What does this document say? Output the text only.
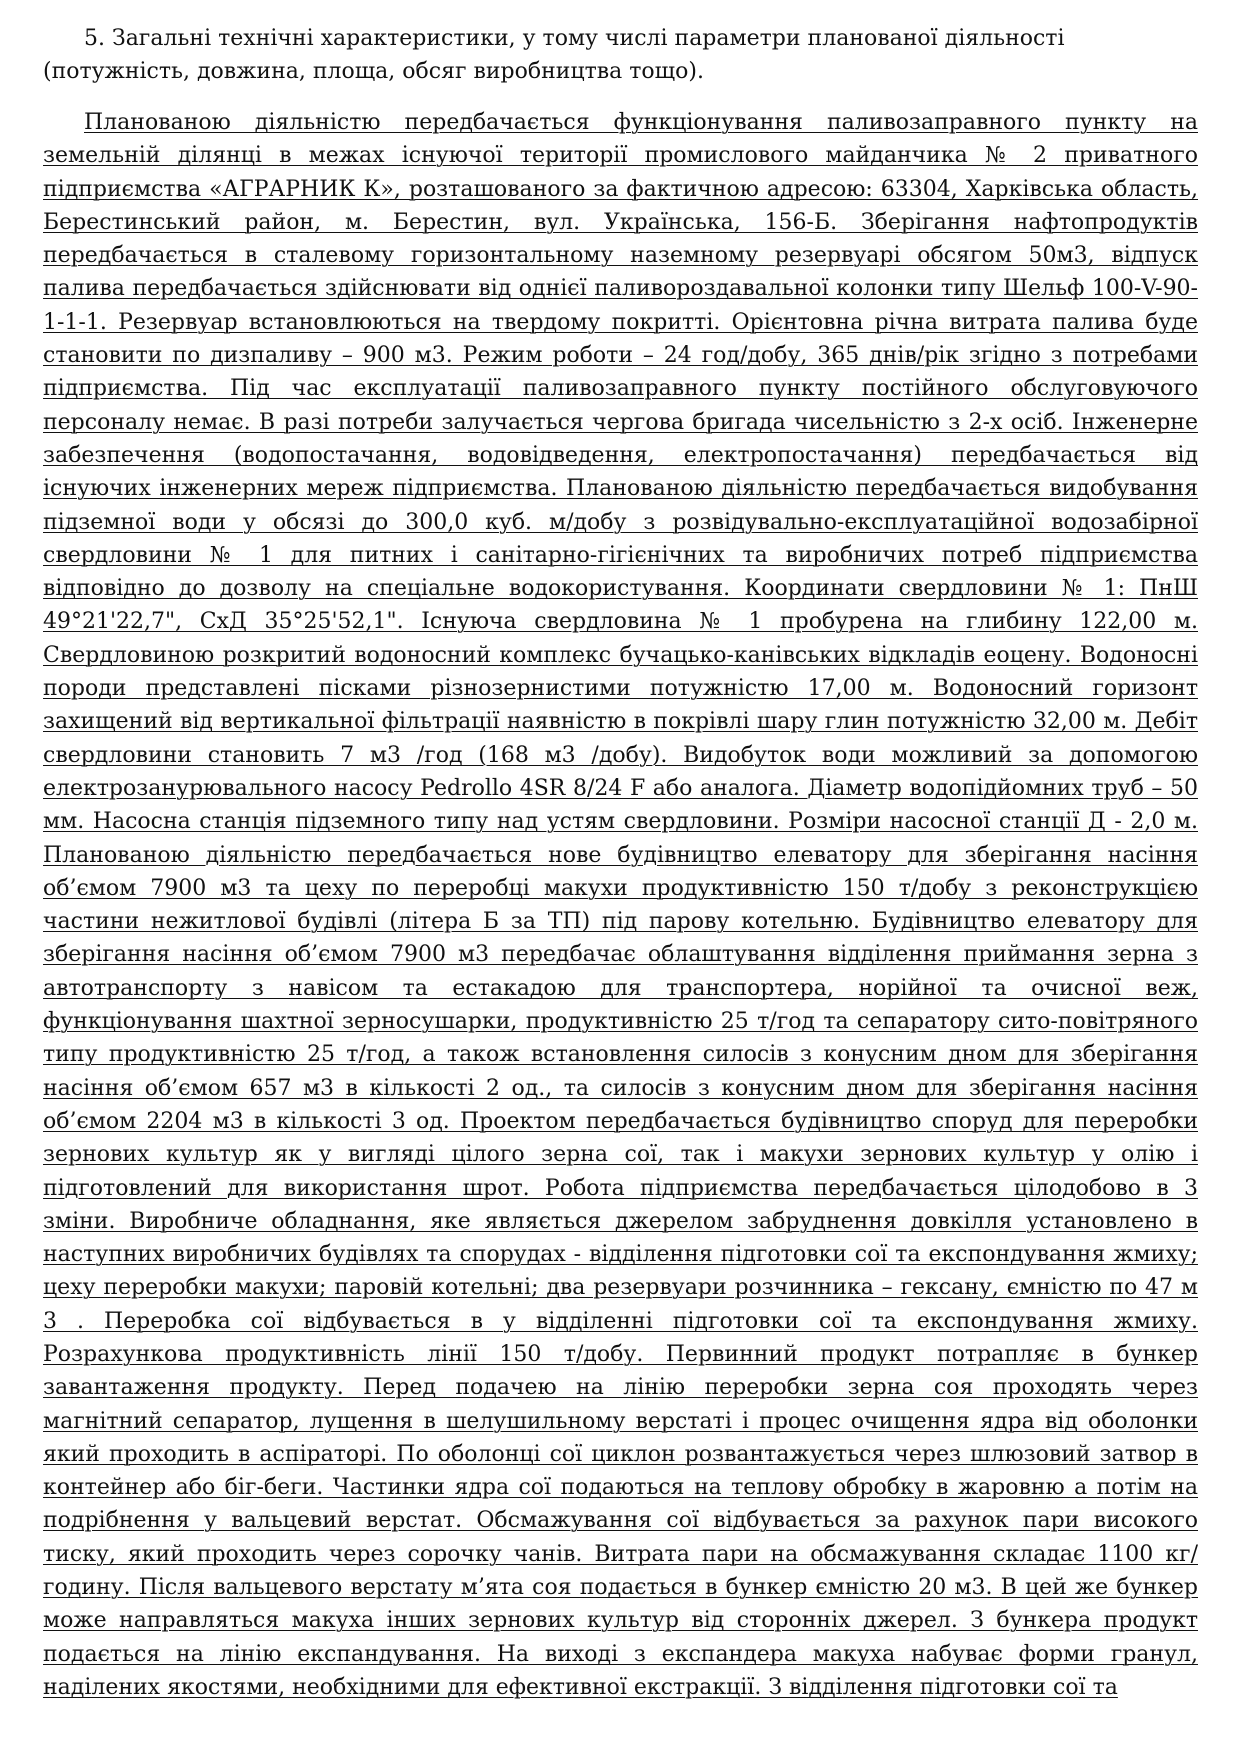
5. Загальні технічні характеристики, у тому числі параметри планованої діяльності (потужність, довжина, площа, обсяг виробництва тощо).

Плановaною діяльністю передбачається функціонування паливозаправного пункту на земельній ділянці в межах існуючої території промислового майданчика № 2 приватного підприємства «АГРАРНИК К», розташованого за фактичною адресою: 63304, Харківська область, Берестинський район, м. Берестин, вул. Українська, 156-Б. Зберігання нафтопродуктів передбачається в сталевому горизонтальному наземному резервуарі обсягом 50м3, відпуск палива передбачається здійснювати від однієї паливороздавальної колонки типу Шельф 100-V-90-1-1-1. Резервуар встановлюються на твердому покритті. Орієнтовна річна витрата палива буде становити по дизпаливу – 900 м3. Режим роботи – 24 год/добу, 365 днів/рік згідно з потребами підприємства. Під час експлуатації паливозаправного пункту постійного обслуговуючого персоналу немає. В разі потреби залучається чергова бригада чисельністю з 2-х осіб. Інженерне забезпечення (водопостачання, водовідведення, електропостачання) передбачається від існуючих інженерних мереж підприємства. Плановaною діяльністю передбачається видобування підземної води у обсязі до 300,0 куб. м/добу з розвідувально-експлуатаційної водозабірної свердловини № 1 для питних і санітарно-гігієнічних та виробничих потреб підприємства відповідно до дозволу на спеціальне водокористування. Координати свердловини № 1: ПнШ 49°21'22,7", СхД 35°25'52,1". Існуюча свердловина № 1 пробурена на глибину 122,00 м. Свердловиною розкритий водоносний комплекс бучацько-канівських відкладів еоцену. Водоносні породи представлені пісками різнозернистими потужністю 17,00 м. Водоносний горизонт захищений від вертикальної фільтрації наявністю в покрівлі шару глин потужністю 32,00 м. Дебіт свердловини становить 7 м3 /год (168 м3 /добу). Видобуток води можливий за допомогою електрозанурювального насосу Pedrollo 4SR 8/24 F або аналога. Діаметр водопідйомних труб – 50 мм. Насосна станція підземного типу над устям свердловини. Розміри насосної станції Д - 2,0 м. Плановaною діяльністю передбачається нове будівництво елеватору для зберігання насіння об’ємом 7900 м3 та цеху по переробці макухи продуктивністю 150 т/добу з реконструкцією частини нежитлової будівлі (літера Б за ТП) під парову котельню. Будівництво елеватору для зберігання насіння об’ємом 7900 м3 передбачає облаштування відділення приймання зерна з автотранспорту з навісом та естакадою для транспортера, норійної та очисної веж, функціонування шахтної зерносушарки, продуктивністю 25 т/год та сепаратору сито-повітряного типу продуктивністю 25 т/год, а також встановлення силосів з конусним дном для зберігання насіння об’ємом 657 м3 в кількості 2 од., та силосів з конусним дном для зберігання насіння об’ємом 2204 м3 в кількості 3 од. Проектом передбачається будівництво споруд для переробки зернових культур як у вигляді цілого зерна сої, так і макухи зернових культур у олію і підготовлений для використання шрот. Робота підприємства передбачається цілодобово в 3 зміни. Виробниче обладнання, яке являється джерелом забруднення довкілля установлено в наступних виробничих будівлях та спорудах - відділення підготовки сої та експондування жмиху; цеху переробки макухи; паровій котельні; два резервуари розчинника – гексану, ємністю по 47 м 3 . Переробка сої відбувається в у відділенні підготовки сої та експондування жмиху. Розрахункова продуктивність лінії 150 т/добу. Первинний продукт потрапляє в бункер завантаження продукту. Перед подачею на лінію переробки зерна соя проходять через магнітний сепаратор, лущення в шелушильному верстаті і процес очищення ядра від оболонки який проходить в аспіраторі. По оболонці сої циклон розвантажується через шлюзовий затвор в контейнер або біг-беги. Частинки ядра сої подаються на теплову обробку в жаровню а потім на подрібнення у вальцевий верстат. Обсмажування сої відбувається за рахунок пари високого тиску, який проходить через сорочку чанів. Витрата пари на обсмажування складає 1100 кг/годину. Після вальцевого верстату м’ята соя подається в бункер ємністю 20 м3. В цей же бункер може направляться макуха інших зернових культур від сторонніх джерел. З бункера продукт подається на лінію експандування. На виході з експандера макуха набуває форми гранул, наділених якостями, необхідними для ефективної екстракції. З відділення підготовки сої та
